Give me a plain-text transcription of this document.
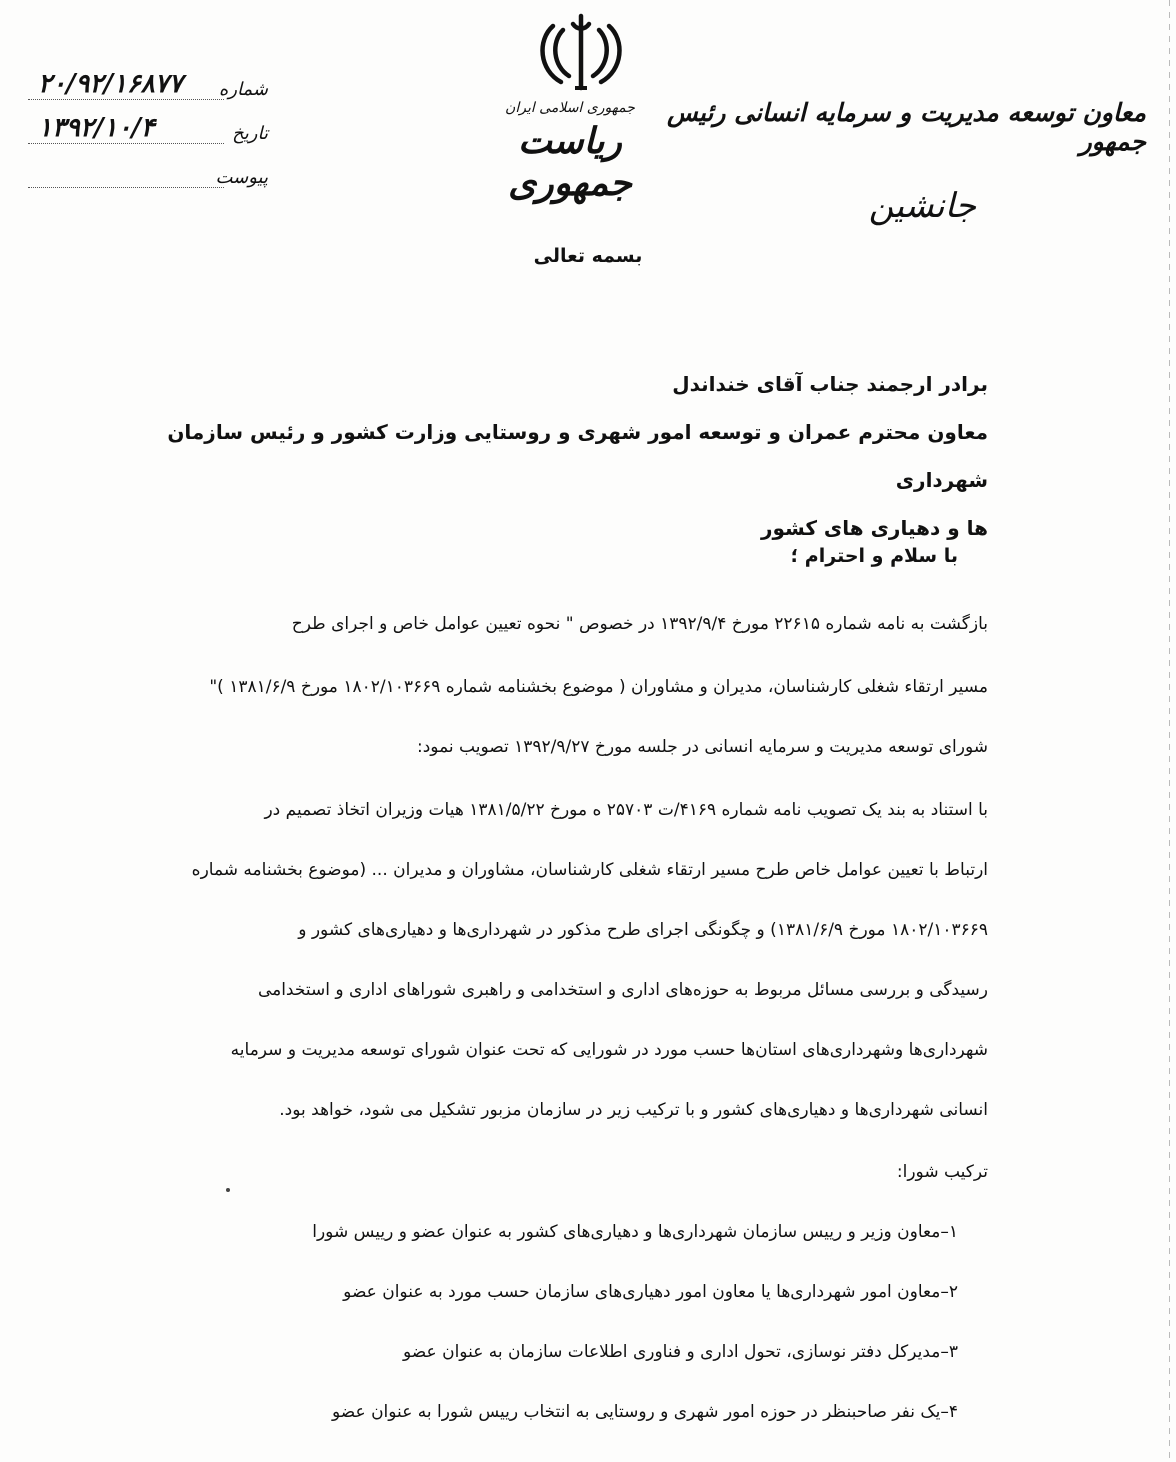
معاون توسعه مدیریت و سرمایه انسانی رئیس جمهور
جانشین
جمهوری اسلامی ایران
ریاست جمهوری
شماره
۲۰/۹۲/۱۶۸۷۷
تاریخ
۱۳۹۲/۱۰/۴
پیوست
بسمه تعالی
برادر ارجمند جناب آقای خنداندل
معاون محترم عمران و توسعه امور شهری و روستایی وزارت کشور و رئیس سازمان شهرداری
ها و دهیاری های کشور
با سلام و احترام ؛
بازگشت به نامه شماره ۲۲۶۱۵ مورخ ۱۳۹۲/۹/۴ در خصوص " نحوه تعیین عوامل خاص و اجرای طرح
مسیر ارتقاء شغلی کارشناسان، مدیران و مشاوران ( موضوع بخشنامه شماره ۱۸۰۲/۱۰۳۶۶۹ مورخ ۱۳۸۱/۶/۹ )"
شورای توسعه مدیریت و سرمایه انسانی در جلسه مورخ ۱۳۹۲/۹/۲۷ تصویب نمود:
با استناد به بند یک تصویب نامه شماره ۴۱۶۹/ت ۲۵۷۰۳ ه مورخ ۱۳۸۱/۵/۲۲ هیات وزیران اتخاذ تصمیم در
ارتباط با تعیین عوامل خاص طرح مسیر ارتقاء شغلی کارشناسان، مشاوران و مدیران ... (موضوع بخشنامه شماره
۱۸۰۲/۱۰۳۶۶۹ مورخ ۱۳۸۱/۶/۹) و چگونگی اجرای طرح مذکور در شهرداری‌ها و دهیاری‌های کشور و
رسیدگی و بررسی مسائل مربوط به حوزه‌های اداری و استخدامی و راهبری شوراهای اداری و استخدامی
شهرداری‌ها وشهرداری‌های استان‌ها حسب مورد در شورایی که تحت عنوان شورای توسعه مدیریت و سرمایه
انسانی شهرداری‌ها و دهیاری‌های کشور و با ترکیب زیر در سازمان مزبور تشکیل می شود، خواهد بود.
ترکیب شورا:
۱–معاون وزیر و رییس سازمان شهرداری‌ها و دهیاری‌های کشور به عنوان عضو و رییس شورا
۲–معاون امور شهرداری‌ها یا معاون امور دهیاری‌های سازمان حسب مورد به عنوان عضو
۳–مدیرکل دفتر نوسازی، تحول اداری و فناوری اطلاعات سازمان به عنوان عضو
۴–یک نفر صاحبنظر در حوزه امور شهری و روستایی به انتخاب رییس شورا به عنوان عضو
